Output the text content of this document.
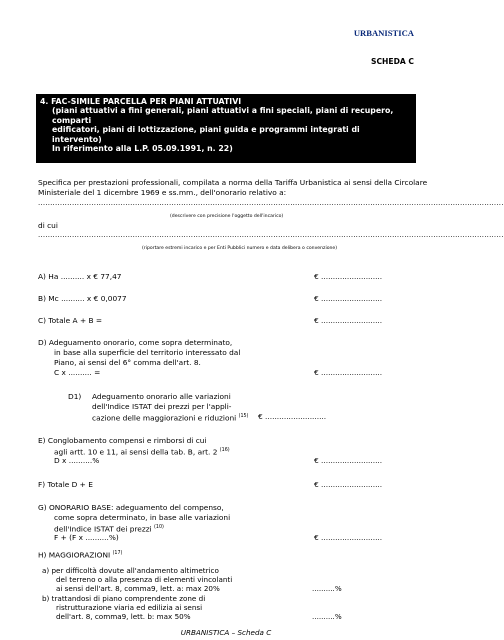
URBANISTICA
SCHEDA C
4. FAC-SIMILE PARCELLA PER PIANI ATTUATIVI
(piani attuativi a fini generali, piani attuativi a fini speciali, piani di recupero, comparti
edificatori, piani di lottizzazione, piani guida e programmi integrati di intervento)
In riferimento alla L.P. 05.09.1991, n. 22)
Specifica per prestazioni professionali, compilata a norma della Tariffa Urbanistica ai sensi della Circolare
Ministeriale del 1 dicembre 1969 e ss.mm., dell'onorario relativo a:
................................................................................................................................................................................................
(descrivere con precisione l'oggetto dell'incarico)
di cui
................................................................................................................................................................................................
(riportare estremi incarico e per Enti Pubblici numero e data delibera o convenzione)
A) Ha .......... x € 77,47	€ ..........................
B) Mc .......... x € 0,0077	€ ..........................
C) Totale A + B =	€ ..........................
D) Adeguamento onorario, come sopra determinato,
in base alla superficie del territorio interessato dal
Piano, ai sensi del 6° comma dell'art. 8.
C x .......... =	€ ..........................
D1) Adeguamento onorario alle variazioni
dell'Indice ISTAT dei prezzi per l'appli-
cazione delle maggiorazioni e riduzioni $^{(15)}$ € ..........................
E) Conglobamento compensi e rimborsi di cui
agli artt. 10 e 11, ai sensi della tab. B, art. 2 $^{(16)}$
D x ..........%	€ ..........................
F) Totale D + E	€ ..........................
G) ONORARIO BASE: adeguamento del compenso,
come sopra determinato, in base alle variazioni
dell'Indice ISTAT dei prezzi $^{(10)}$
F + (F x ..........%)	€ ..........................
H) MAGGIORAZIONI $^{(17)}$
a) per difficoltà dovute all'andamento altimetrico
del terreno o alla presenza di elementi vincolanti
ai sensi dell'art. 8, comma9, lett. a: max 20%	..........%
b) trattandosi di piano comprendente zone di
ristrutturazione viaria ed edilizia ai sensi
dell'art. 8, comma9, lett. b: max 50%	..........%
URBANISTICA – Scheda C
